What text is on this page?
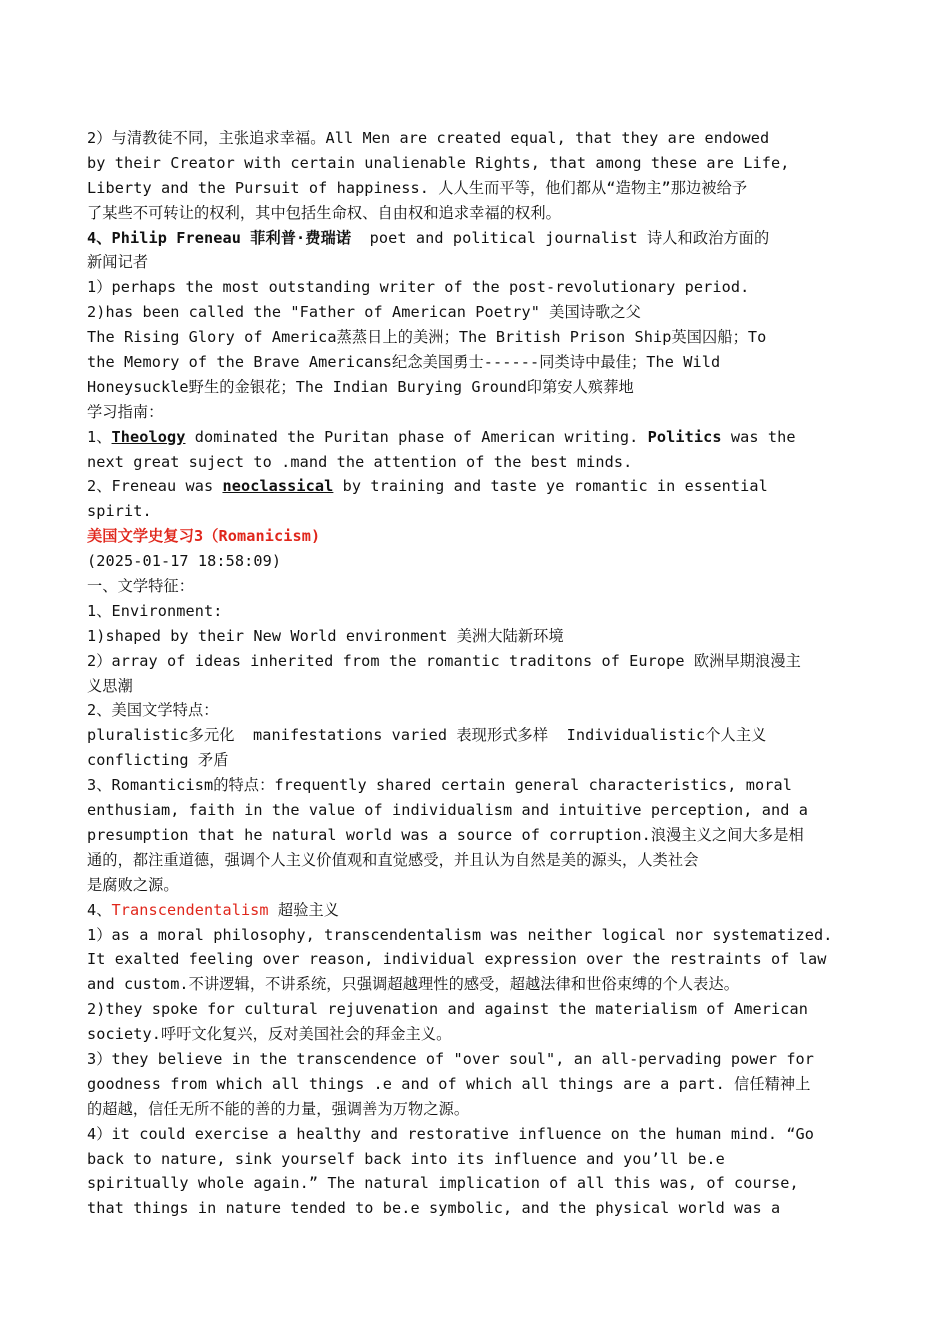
2）与清教徒不同，主张追求幸福。All Men are created equal, that they are endowed
by their Creator with certain unalienable Rights, that among these are Life,
Liberty and the Pursuit of happiness. 人人生而平等，他们都从“造物主”那边被给予
了某些不可转让的权利，其中包括生命权、自由权和追求幸福的权利。
4、Philip Freneau 菲利普·费瑞诺  poet and political journalist 诗人和政治方面的
新闻记者
1）perhaps the most outstanding writer of the post-revolutionary period.
2)has been called the "Father of American Poetry" 美国诗歌之父
The Rising Glory of America蒸蒸日上的美洲；The British Prison Ship英国囚船；To
the Memory of the Brave Americans纪念美国勇士------同类诗中最佳；The Wild
Honeysuckle野生的金银花；The Indian Burying Ground印第安人殡葬地
学习指南：
1、Theology dominated the Puritan phase of American writing. Politics was the
next great suject to .mand the attention of the best minds.
2、Freneau was neoclassical by training and taste ye romantic in essential
spirit.
美国文学史复习3（Romanicism)
(2025-01-17 18:58:09)
一、文学特征：
1、Environment:
1)shaped by their New World environment 美洲大陆新环境
2）array of ideas inherited from the romantic traditons of Europe 欧洲早期浪漫主
义思潮
2、美国文学特点：
pluralistic多元化  manifestations varied 表现形式多样  Individualistic个人主义
conflicting 矛盾
3、Romanticism的特点：frequently shared certain general characteristics, moral
enthusiam, faith in the value of individualism and intuitive perception, and a
presumption that he natural world was a source of corruption.浪漫主义之间大多是相
通的，都注重道德，强调个人主义价值观和直觉感受，并且认为自然是美的源头，人类社会
是腐败之源。
4、Transcendentalism 超验主义
1）as a moral philosophy, transcendentalism was neither logical nor systematized.
It exalted feeling over reason, individual expression over the restraints of law
and custom.不讲逻辑，不讲系统，只强调超越理性的感受，超越法律和世俗束缚的个人表达。
2)they spoke for cultural rejuvenation and against the materialism of American
society.呼吁文化复兴，反对美国社会的拜金主义。
3）they believe in the transcendence of "over soul", an all-pervading power for
goodness from which all things .e and of which all things are a part. 信任精神上
的超越，信任无所不能的善的力量，强调善为万物之源。
4）it could exercise a healthy and restorative influence on the human mind. “Go
back to nature, sink yourself back into its influence and you’ll be.e
spiritually whole again.” The natural implication of all this was, of course,
that things in nature tended to be.e symbolic, and the physical world was a
